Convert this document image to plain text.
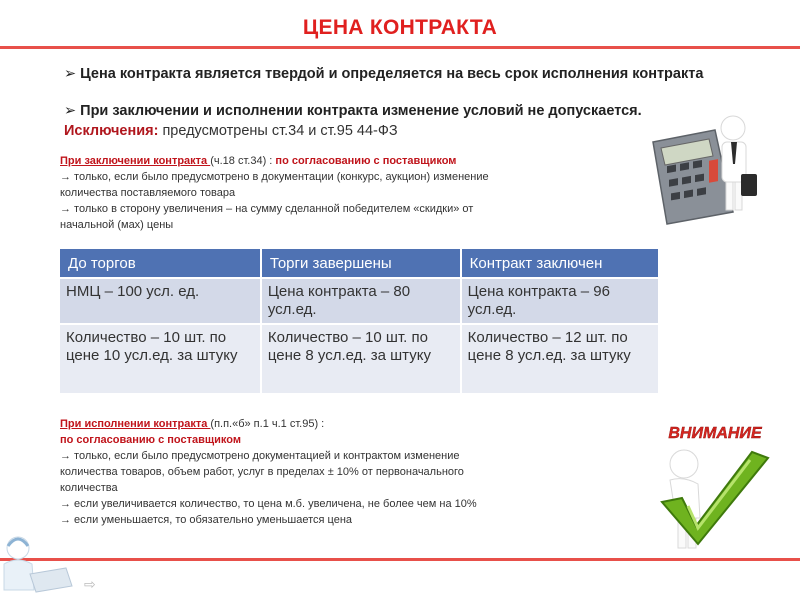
ЦЕНА КОНТРАКТА
➢ Цена контракта является твердой и определяется на весь срок исполнения контракта
➢ При заключении и исполнении контракта изменение условий не допускается.
Исключения: предусмотрены ст.34 и ст.95 44-ФЗ
При заключении контракта (ч.18 ст.34) : по согласованию с поставщиком
→ только, если было предусмотрено в документации (конкурс, аукцион) изменение
количества поставляемого товара
→ только в сторону увеличения – на сумму сделанной победителем «скидки» от
начальной (мах) цены
До торгов	Торги завершены	Контракт заключен
НМЦ – 100 усл. ед.	Цена контракта – 80 усл.ед.	Цена контракта – 96 усл.ед.
Количество – 10 шт. по цене 10 усл.ед. за штуку	Количество – 10 шт. по цене 8 усл.ед. за штуку	Количество – 12 шт. по цене 8 усл.ед. за штуку
При исполнении контракта (п.п.«б» п.1 ч.1 ст.95) :
по согласованию с поставщиком
→ только, если было предусмотрено документацией и контрактом изменение
количества товаров, объем работ, услуг в пределах ± 10% от первоначального
количества
→ если увеличивается количество, то цена м.б. увеличена, не более чем на 10%
→ если уменьшается, то обязательно уменьшается цена
ВНИМАНИЕ
⇨
